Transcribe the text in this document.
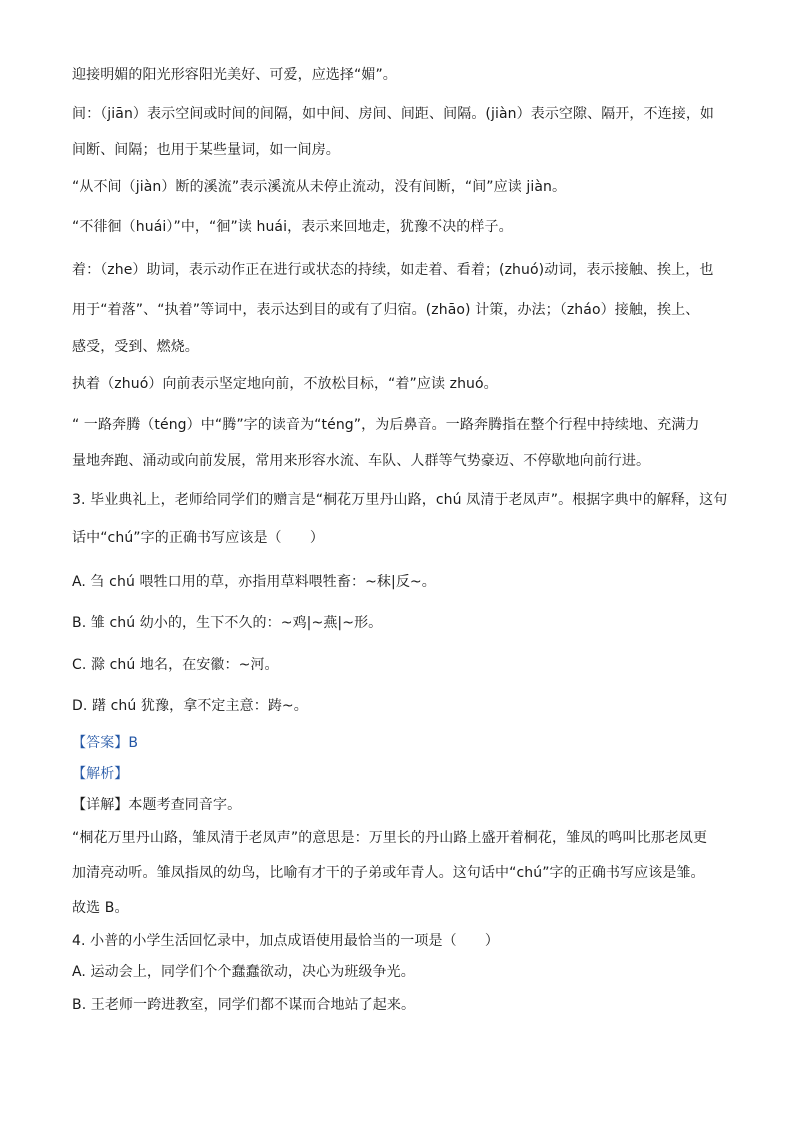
迎接明媚的阳光形容阳光美好、可爱，应选择“媚”。
间：（jiān）表示空间或时间的间隔，如中间、房间、间距、间隔。(jiàn）表示空隙、隔开，不连接，如
间断、间隔；也用于某些量词，如一间房。
“从不间（jiàn）断的溪流”表示溪流从未停止流动，没有间断，“间”应读 jiàn。
“不徘徊（huái）”中，“徊”读 huái，表示来回地走，犹豫不决的样子。
着：（zhe）助词，表示动作正在进行或状态的持续，如走着、看着；(zhuó)动词，表示接触、挨上，也
用于“着落”、“执着”等词中，表示达到目的或有了归宿。(zhāo) 计策，办法；（zháo）接触，挨上、
感受，受到、燃烧。
执着（zhuó）向前表示坚定地向前，不放松目标，“着”应读 zhuó。
“ 一路奔腾（téng）中“腾”字的读音为“téng”，为后鼻音。一路奔腾指在整个行程中持续地、充满力
量地奔跑、涌动或向前发展，常用来形容水流、车队、人群等气势豪迈、不停歇地向前行进。
3. 毕业典礼上，老师给同学们的赠言是“桐花万里丹山路，chú 凤清于老凤声”。根据字典中的解释，这句
话中“chú”字的正确书写应该是（　　）
A. 刍 chú 喂牲口用的草，亦指用草料喂牲畜：~秣|反~。
B. 雏 chú 幼小的，生下不久的：~鸡|~燕|~形。
C. 滁 chú 地名，在安徽：~河。
D. 躇 chú 犹豫，拿不定主意：踌~。
【答案】B
【解析】
【详解】本题考查同音字。
“桐花万里丹山路，雏凤清于老凤声”的意思是：万里长的丹山路上盛开着桐花，雏凤的鸣叫比那老凤更
加清亮动听。雏凤指凤的幼鸟，比喻有才干的子弟或年青人。这句话中“chú”字的正确书写应该是雏。
故选 B。
4. 小普的小学生活回忆录中，加点成语使用最恰当的一项是（　　）
A. 运动会上，同学们个个蠢蠢欲动，决心为班级争光。
B. 王老师一跨进教室，同学们都不谋而合地站了起来。
